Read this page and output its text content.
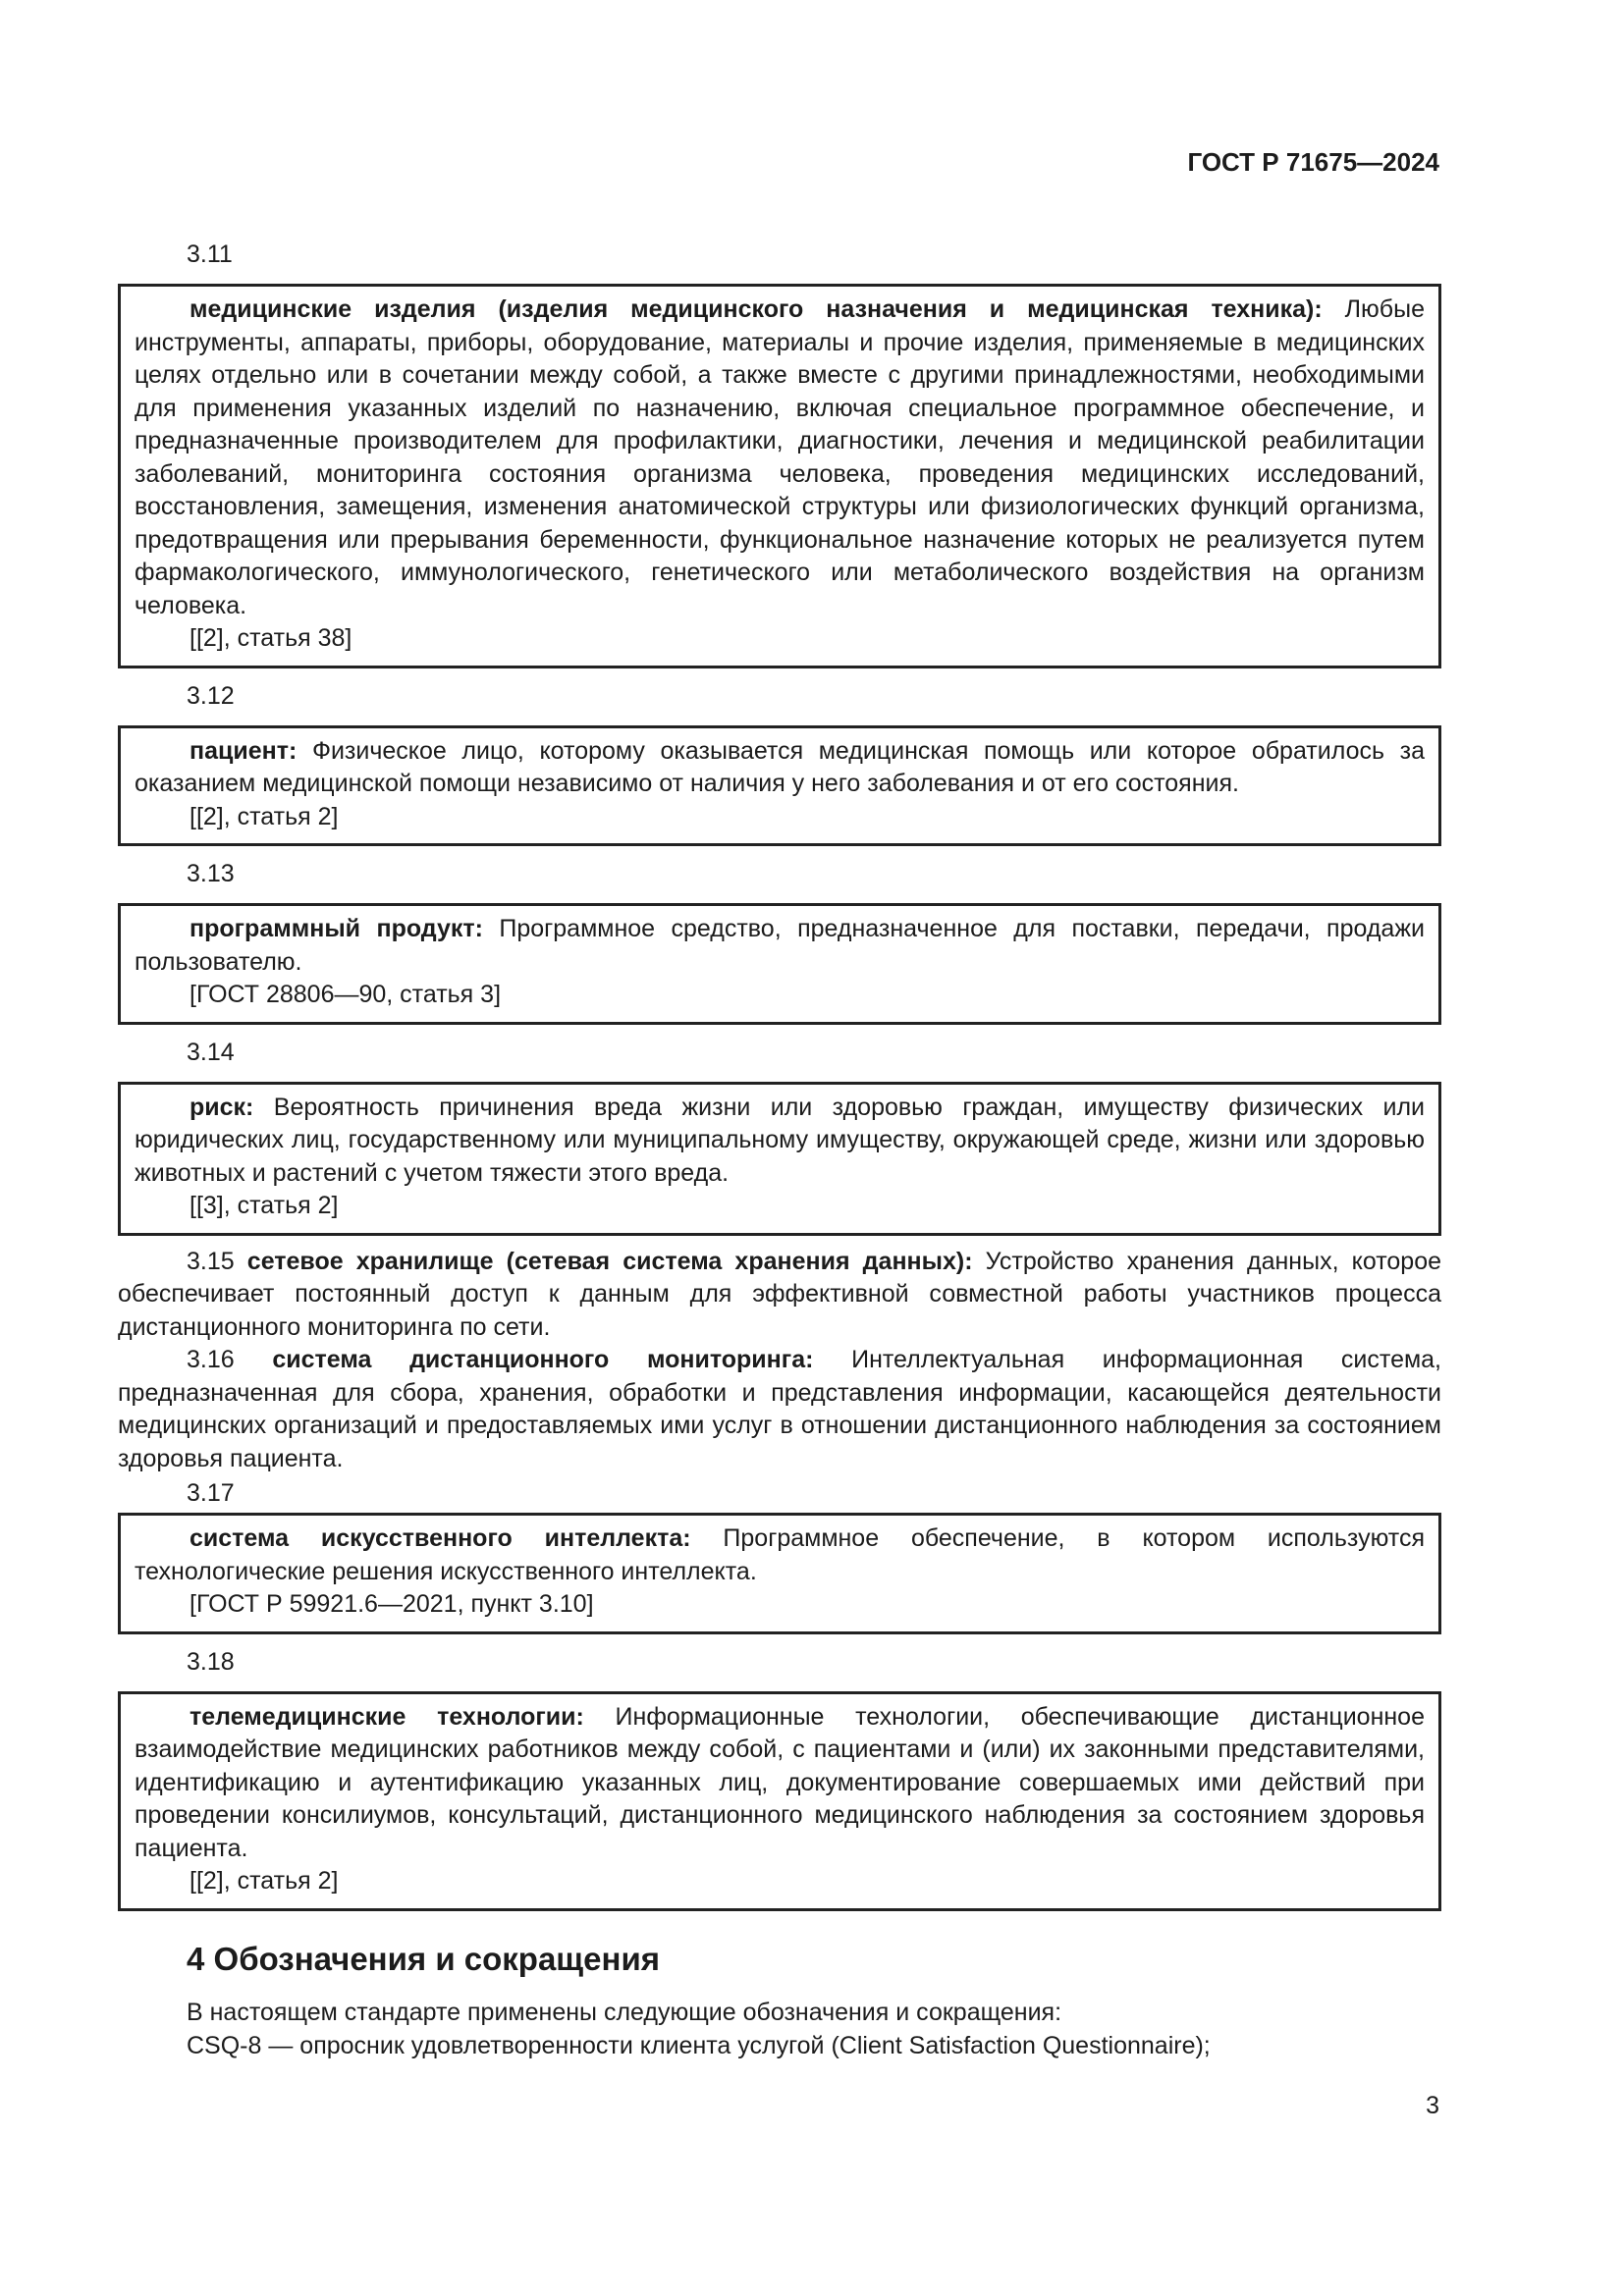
ГОСТ Р 71675—2024
3.11

медицинские изделия (изделия медицинского назначения и медицинская техника): Любые инструменты, аппараты, приборы, оборудование, материалы и прочие изделия, применяемые в медицинских целях отдельно или в сочетании между собой, а также вместе с другими принадлежностями, необходимыми для применения указанных изделий по назначению, включая специальное программное обеспечение, и предназначенные производителем для профилактики, диагностики, лечения и медицинской реабилитации заболеваний, мониторинга состояния организма человека, проведения медицинских исследований, восстановления, замещения, изменения анатомической структуры или физиологических функций организма, предотвращения или прерывания беременности, функциональное назначение которых не реализуется путем фармакологического, иммунологического, генетического или метаболического воздействия на организм человека.

[[2], статья 38]

3.12

пациент: Физическое лицо, которому оказывается медицинская помощь или которое обратилось за оказанием медицинской помощи независимо от наличия у него заболевания и от его состояния.

[[2], статья 2]

3.13

программный продукт: Программное средство, предназначенное для поставки, передачи, продажи пользователю.

[ГОСТ 28806—90, статья 3]

3.14

риск: Вероятность причинения вреда жизни или здоровью граждан, имуществу физических или юридических лиц, государственному или муниципальному имуществу, окружающей среде, жизни или здоровью животных и растений с учетом тяжести этого вреда.

[[3], статья 2]

3.15 сетевое хранилище (сетевая система хранения данных): Устройство хранения данных, которое обеспечивает постоянный доступ к данным для эффективной совместной работы участников процесса дистанционного мониторинга по сети.

3.16 система дистанционного мониторинга: Интеллектуальная информационная система, предназначенная для сбора, хранения, обработки и представления информации, касающейся деятельности медицинских организаций и предоставляемых ими услуг в отношении дистанционного наблюдения за состоянием здоровья пациента.

3.17

система искусственного интеллекта: Программное обеспечение, в котором используются технологические решения искусственного интеллекта.

[ГОСТ Р 59921.6—2021, пункт 3.10]

3.18

телемедицинские технологии: Информационные технологии, обеспечивающие дистанционное взаимодействие медицинских работников между собой, с пациентами и (или) их законными представителями, идентификацию и аутентификацию указанных лиц, документирование совершаемых ими действий при проведении консилиумов, консультаций, дистанционного медицинского наблюдения за состоянием здоровья пациента.

[[2], статья 2]

4 Обозначения и сокращения

В настоящем стандарте применены следующие обозначения и сокращения:

CSQ-8 — опросник удовлетворенности клиента услугой (Client Satisfaction Questionnaire);

3
